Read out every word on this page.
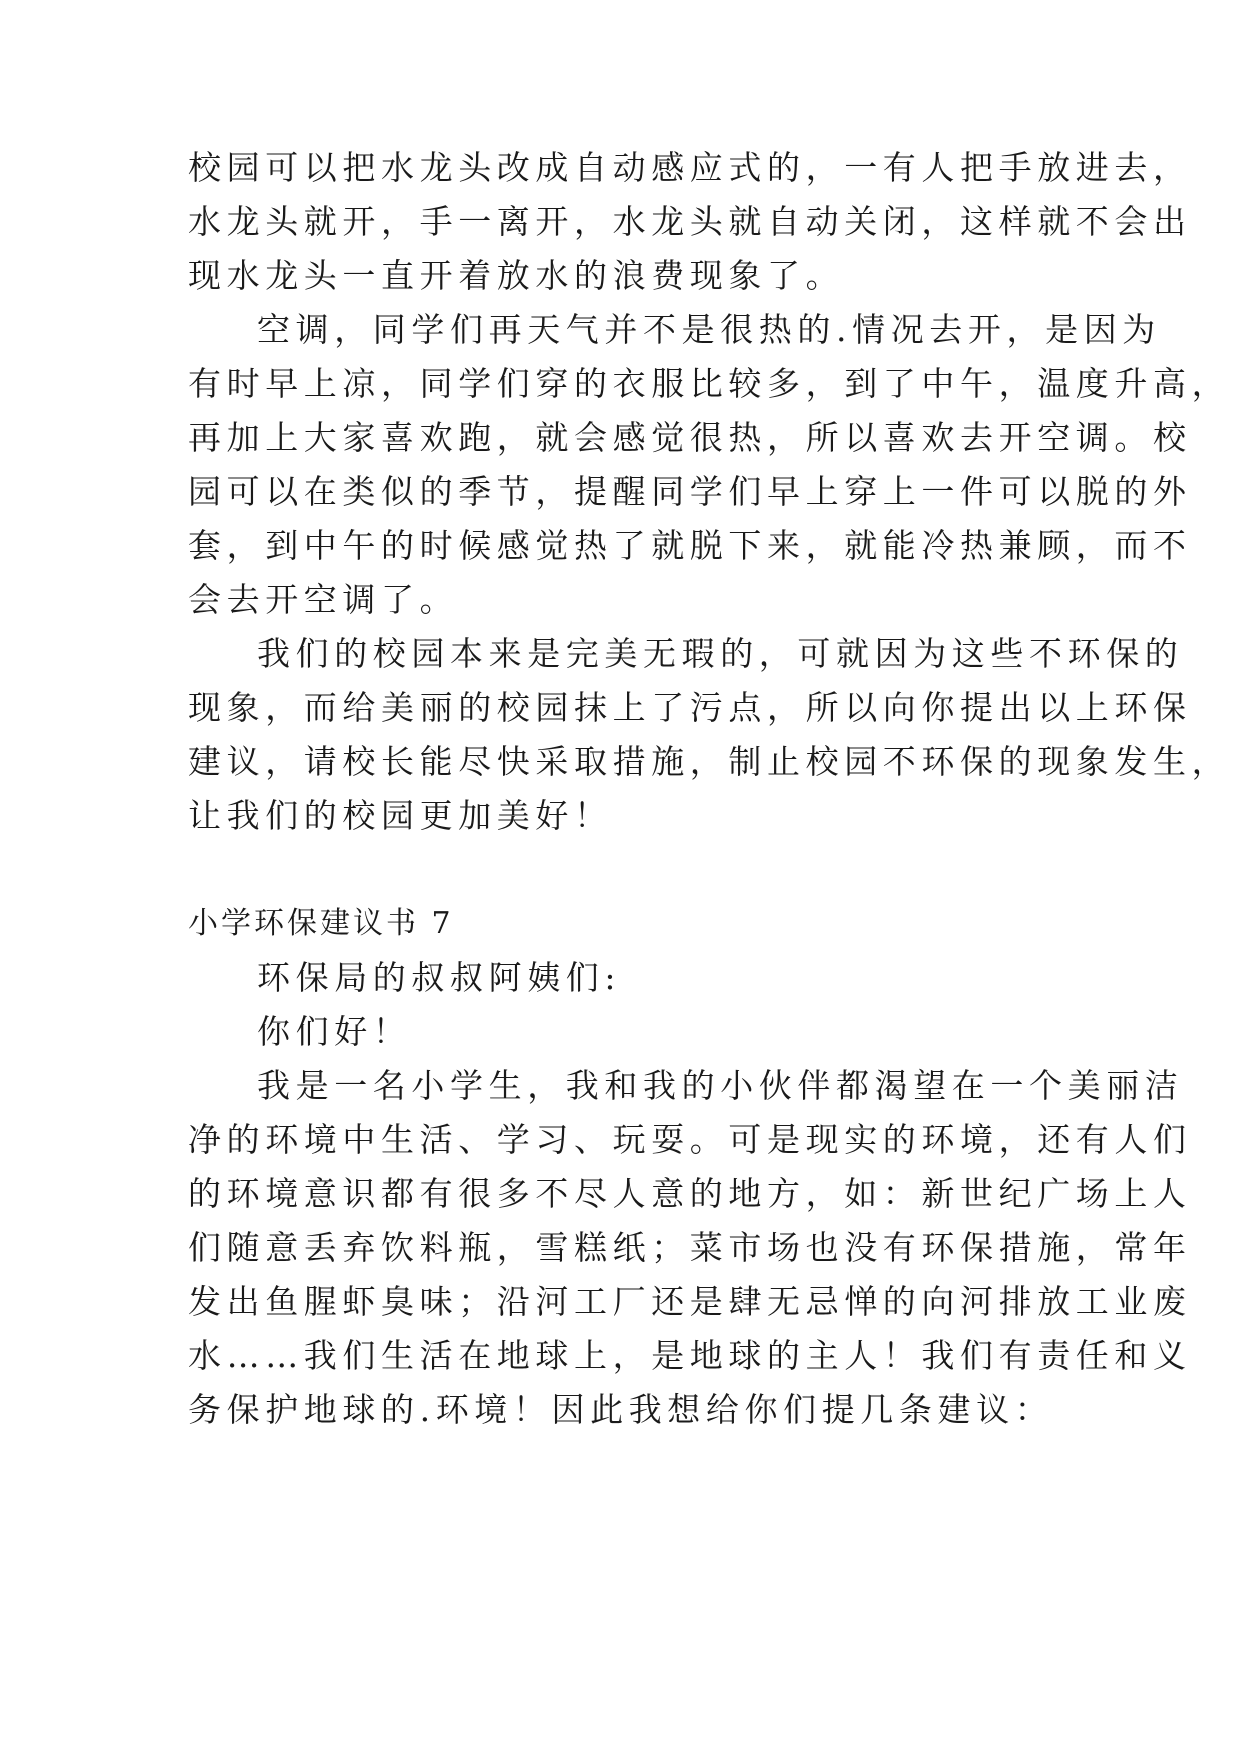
校园可以把水龙头改成自动感应式的，一有人把手放进去，
水龙头就开，手一离开，水龙头就自动关闭，这样就不会出
现水龙头一直开着放水的浪费现象了。
空调，同学们再天气并不是很热的.情况去开，是因为
有时早上凉，同学们穿的衣服比较多，到了中午，温度升高，
再加上大家喜欢跑，就会感觉很热，所以喜欢去开空调。校
园可以在类似的季节，提醒同学们早上穿上一件可以脱的外
套，到中午的时候感觉热了就脱下来，就能冷热兼顾，而不
会去开空调了。
我们的校园本来是完美无瑕的，可就因为这些不环保的
现象，而给美丽的校园抹上了污点，所以向你提出以上环保
建议，请校长能尽快采取措施，制止校园不环保的现象发生，
让我们的校园更加美好！
小学环保建议书 7
环保局的叔叔阿姨们:
你们好！
我是一名小学生，我和我的小伙伴都渴望在一个美丽洁
净的环境中生活、学习、玩耍。可是现实的环境，还有人们
的环境意识都有很多不尽人意的地方，如：新世纪广场上人
们随意丢弃饮料瓶，雪糕纸；菜市场也没有环保措施，常年
发出鱼腥虾臭味；沿河工厂还是肆无忌惮的向河排放工业废
水……我们生活在地球上，是地球的主人！我们有责任和义
务保护地球的.环境！因此我想给你们提几条建议：
